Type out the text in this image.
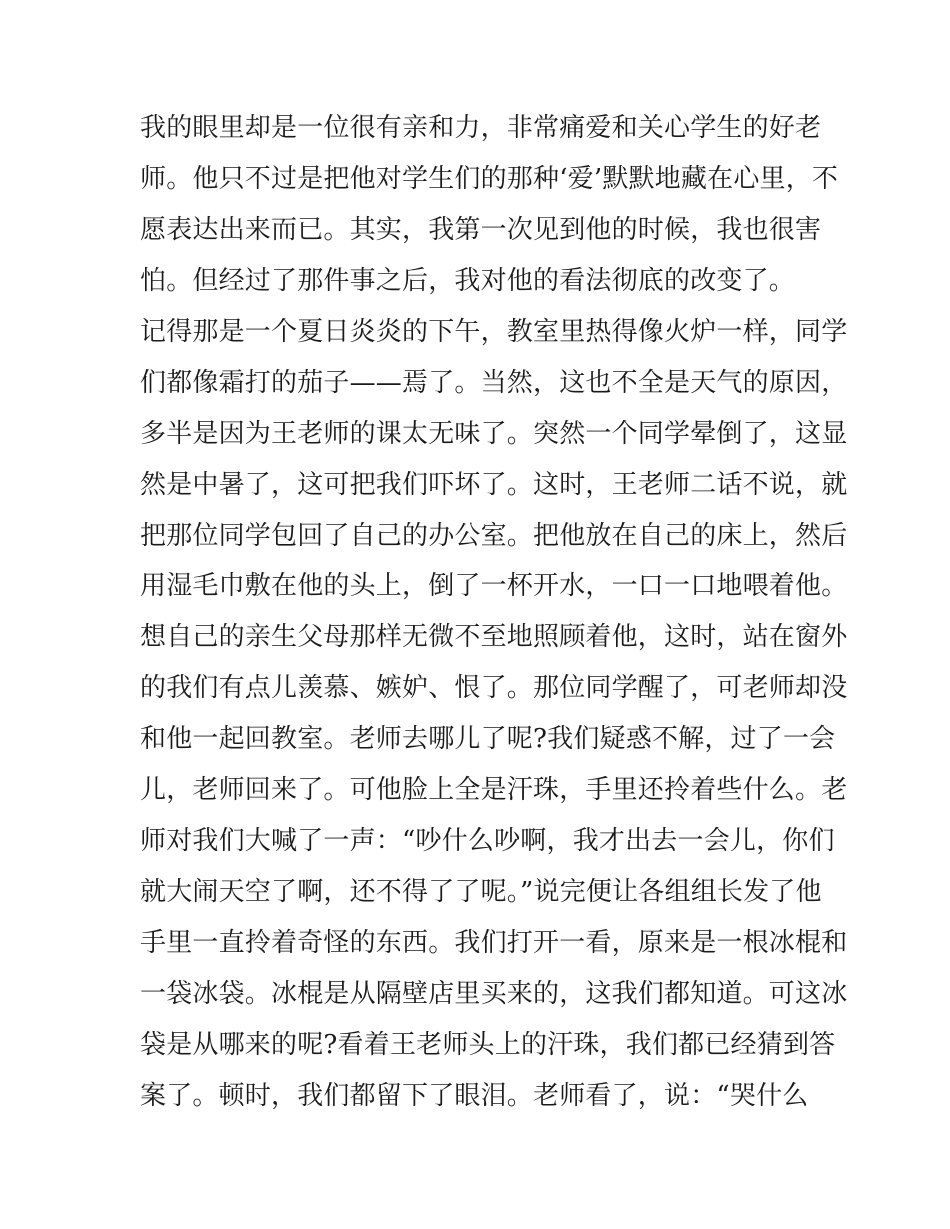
我的眼里却是一位很有亲和力，非常痛爱和关心学生的好老
师。他只不过是把他对学生们的那种‘爱’默默地藏在心里，不
愿表达出来而已。其实，我第一次见到他的时候，我也很害
怕。但经过了那件事之后，我对他的看法彻底的改变了。
记得那是一个夏日炎炎的下午，教室里热得像火炉一样，同学
们都像霜打的茄子——焉了。当然，这也不全是天气的原因，
多半是因为王老师的课太无味了。突然一个同学晕倒了，这显
然是中暑了，这可把我们吓坏了。这时，王老师二话不说，就
把那位同学包回了自己的办公室。把他放在自己的床上，然后
用湿毛巾敷在他的头上，倒了一杯开水，一口一口地喂着他。
想自己的亲生父母那样无微不至地照顾着他，这时，站在窗外
的我们有点儿羡慕、嫉妒、恨了。那位同学醒了，可老师却没
和他一起回教室。老师去哪儿了呢?我们疑惑不解，过了一会
儿，老师回来了。可他脸上全是汗珠，手里还拎着些什么。老
师对我们大喊了一声：“吵什么吵啊，我才出去一会儿，你们
就大闹天空了啊，还不得了了呢。”说完便让各组组长发了他
手里一直拎着奇怪的东西。我们打开一看，原来是一根冰棍和
一袋冰袋。冰棍是从隔壁店里买来的，这我们都知道。可这冰
袋是从哪来的呢?看着王老师头上的汗珠，我们都已经猜到答
案了。顿时，我们都留下了眼泪。老师看了，说：“哭什么
